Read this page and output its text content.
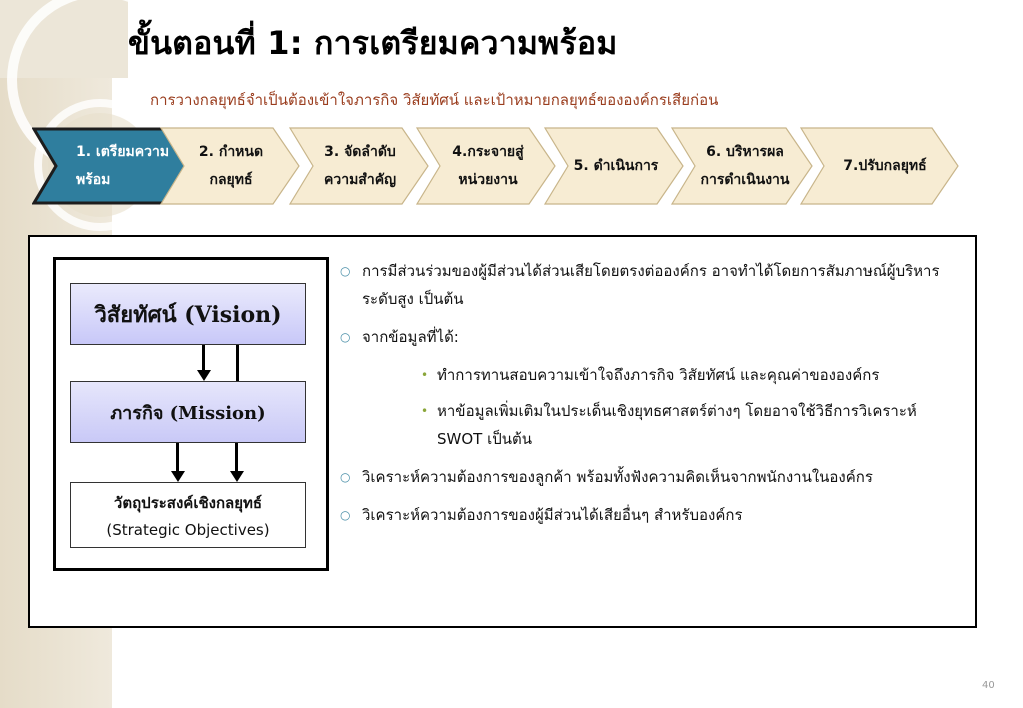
ขั้นตอนที่ 1: การเตรียมความพร้อม
การวางกลยุทธ์จำเป็นต้องเข้าใจภารกิจ วิสัยทัศน์ และเป้าหมายกลยุทธ์ขององค์กรเสียก่อน
1. เตรียมความ
พร้อม
2. กำหนด
กลยุทธ์
3. จัดลำดับ
ความสำคัญ
4.กระจายสู่
หน่วยงาน
5. ดำเนินการ
6. บริหารผล
การดำเนินงาน
7.ปรับกลยุทธ์
วิสัยทัศน์ (Vision)
ภารกิจ (Mission)
วัตถุประสงค์เชิงกลยุทธ์
(Strategic Objectives)
○ การมีส่วนร่วมของผู้มีส่วนได้ส่วนเสียโดยตรงต่อองค์กร อาจทำได้โดยการสัมภาษณ์ผู้บริหารระดับสูง เป็นต้น
○ จากข้อมูลที่ได้:
• ทำการทานสอบความเข้าใจถึงภารกิจ วิสัยทัศน์ และคุณค่าขององค์กร
• หาข้อมูลเพิ่มเติมในประเด็นเชิงยุทธศาสตร์ต่างๆ โดยอาจใช้วิธีการวิเคราะห์ SWOT เป็นต้น
○ วิเคราะห์ความต้องการของลูกค้า พร้อมทั้งฟังความคิดเห็นจากพนักงานในองค์กร
○ วิเคราะห์ความต้องการของผู้มีส่วนได้เสียอื่นๆ สำหรับองค์กร
40
